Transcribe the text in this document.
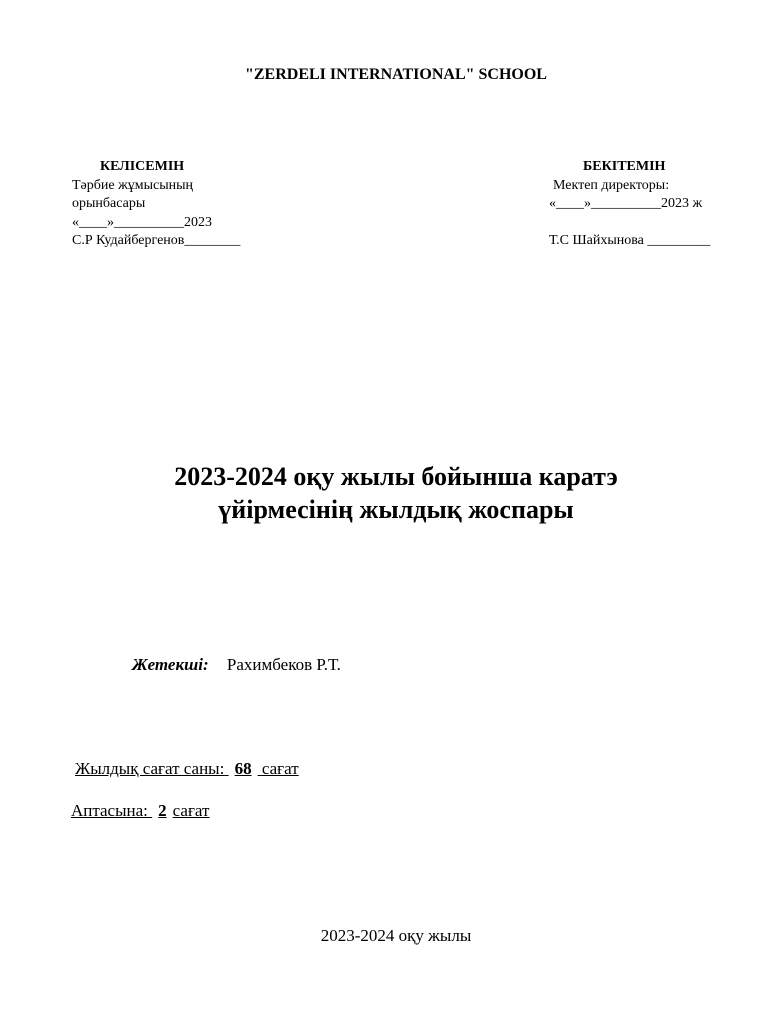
"ZERDELI INTERNATIONAL" SCHOOL
КЕЛІСЕМІН
Тәрбие жұмысының
орынбасары
«____»__________2023
С.Р Кудайбергенов________
БЕКІТЕМІН
Мектеп директоры:
«____»__________2023 ж

Т.С Шайхынова _________
2023-2024 оқу жылы бойынша каратэ
үйірмесінің жылдық жоспары
Жетекші: Рахимбеков Р.Т.
Жылдық сағат саны: 68 сағат
Аптасына: 2 сағат
2023-2024 оқу жылы
